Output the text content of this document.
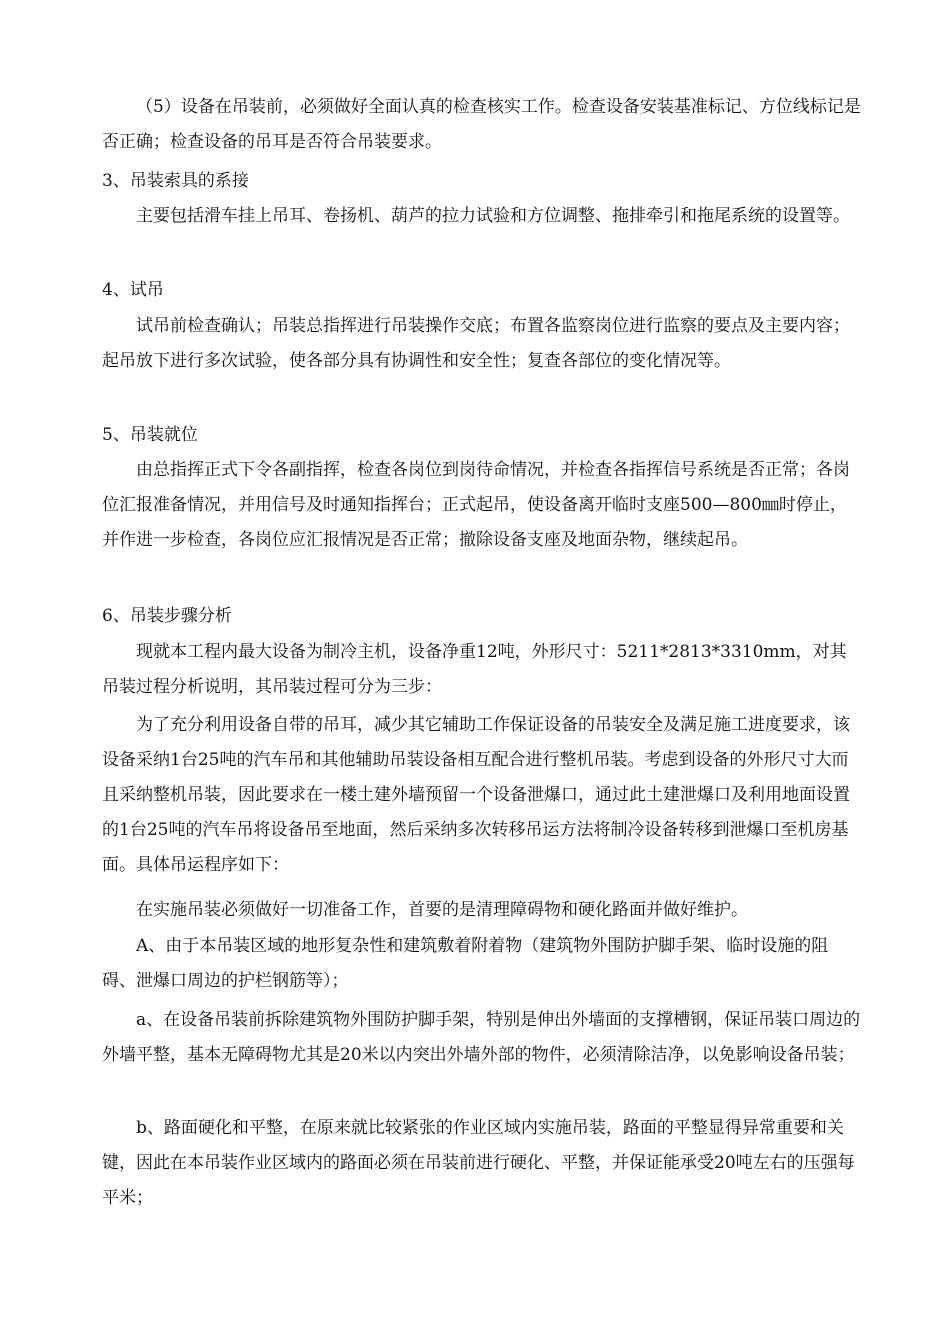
（5）设备在吊装前，必须做好全面认真的检查核实工作。检查设备安装基准标记、方位线标记是否正确；检查设备的吊耳是否符合吊装要求。

3、吊装索具的系接

主要包括滑车挂上吊耳、卷扬机、葫芦的拉力试验和方位调整、拖排牵引和拖尾系统的设置等。

4、试吊

试吊前检查确认；吊装总指挥进行吊装操作交底；布置各监察岗位进行监察的要点及主要内容；起吊放下进行多次试验，使各部分具有协调性和安全性；复查各部位的变化情况等。

5、吊装就位

由总指挥正式下令各副指挥，检查各岗位到岗待命情况，并检查各指挥信号系统是否正常；各岗位汇报准备情况，并用信号及时通知指挥台；正式起吊，使设备离开临时支座500—800㎜时停止，并作进一步检查，各岗位应汇报情况是否正常；撤除设备支座及地面杂物，继续起吊。

6、吊装步骤分析

现就本工程内最大设备为制冷主机，设备净重12吨，外形尺寸：5211*2813*3310mm，对其吊装过程分析说明，其吊装过程可分为三步：

为了充分利用设备自带的吊耳，减少其它辅助工作保证设备的吊装安全及满足施工进度要求，该设备采纳1台25吨的汽车吊和其他辅助吊装设备相互配合进行整机吊装。考虑到设备的外形尺寸大而且采纳整机吊装，因此要求在一楼土建外墙预留一个设备泄爆口，通过此土建泄爆口及利用地面设置的1台25吨的汽车吊将设备吊至地面，然后采纳多次转移吊运方法将制冷设备转移到泄爆口至机房基面。具体吊运程序如下：

在实施吊装必须做好一切准备工作，首要的是清理障碍物和硬化路面并做好维护。

A、由于本吊装区域的地形复杂性和建筑敷着附着物（建筑物外围防护脚手架、临时设施的阻碍、泄爆口周边的护栏钢筋等）；

a、在设备吊装前拆除建筑物外围防护脚手架，特别是伸出外墙面的支撑槽钢，保证吊装口周边的外墙平整，基本无障碍物尤其是20米以内突出外墙外部的物件，必须清除洁净，以免影响设备吊装；

b、路面硬化和平整，在原来就比较紧张的作业区域内实施吊装，路面的平整显得异常重要和关键，因此在本吊装作业区域内的路面必须在吊装前进行硬化、平整，并保证能承受20吨左右的压强每平米；
